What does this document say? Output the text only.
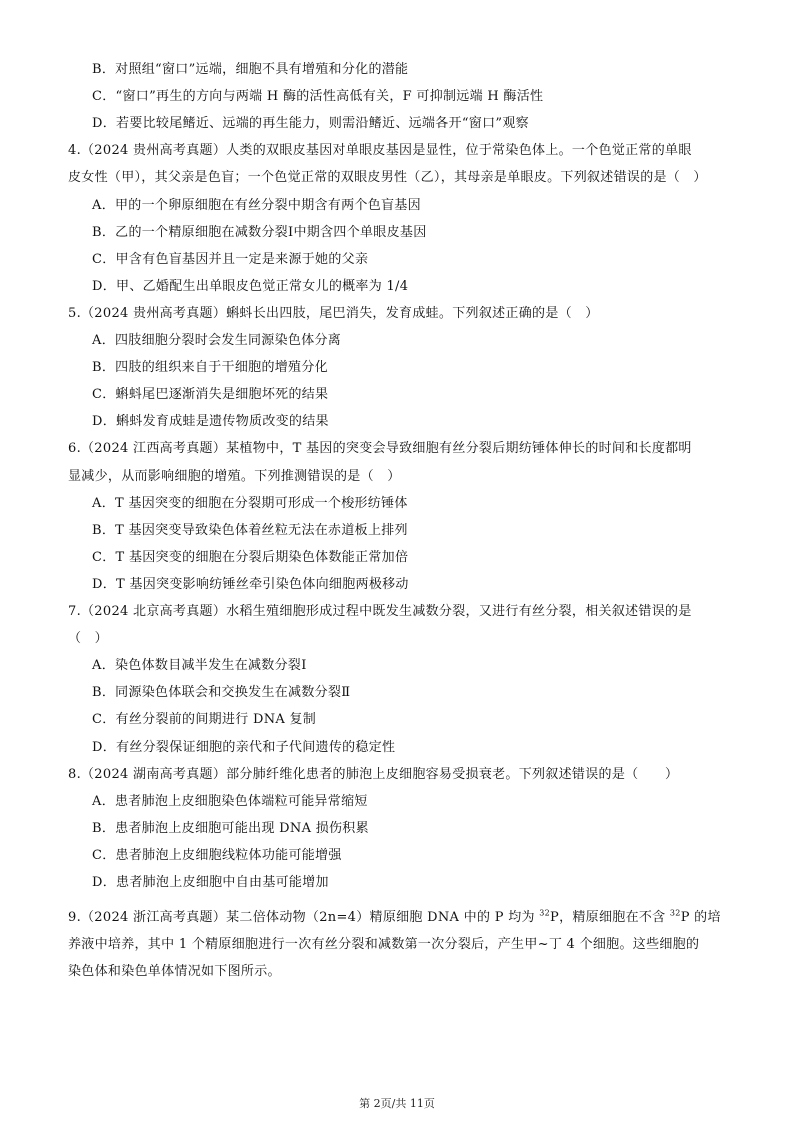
B．对照组“窗口”远端，细胞不具有增殖和分化的潜能
C．“窗口”再生的方向与两端 H 酶的活性高低有关，F 可抑制远端 H 酶活性
D．若要比较尾鳍近、远端的再生能力，则需沿鳍近、远端各开“窗口”观察
4.（2024 贵州高考真题）人类的双眼皮基因对单眼皮基因是显性，位于常染色体上。一个色觉正常的单眼
皮女性（甲），其父亲是色盲；一个色觉正常的双眼皮男性（乙），其母亲是单眼皮。下列叙述错误的是（　）
A．甲的一个卵原细胞在有丝分裂中期含有两个色盲基因
B．乙的一个精原细胞在减数分裂Ⅰ中期含四个单眼皮基因
C．甲含有色盲基因并且一定是来源于她的父亲
D．甲、乙婚配生出单眼皮色觉正常女儿的概率为 1/4
5.（2024 贵州高考真题）蝌蚪长出四肢，尾巴消失，发育成蛙。下列叙述正确的是（　）
A．四肢细胞分裂时会发生同源染色体分离
B．四肢的组织来自于干细胞的增殖分化
C．蝌蚪尾巴逐渐消失是细胞坏死的结果
D．蝌蚪发育成蛙是遗传物质改变的结果
6.（2024 江西高考真题）某植物中，T 基因的突变会导致细胞有丝分裂后期纺锤体伸长的时间和长度都明
显减少，从而影响细胞的增殖。下列推测错误的是（　）
A．T 基因突变的细胞在分裂期可形成一个梭形纺锤体
B．T 基因突变导致染色体着丝粒无法在赤道板上排列
C．T 基因突变的细胞在分裂后期染色体数能正常加倍
D．T 基因突变影响纺锤丝牵引染色体向细胞两极移动
7.（2024 北京高考真题）水稻生殖细胞形成过程中既发生减数分裂，又进行有丝分裂，相关叙述错误的是
（　）
A．染色体数目减半发生在减数分裂Ⅰ
B．同源染色体联会和交换发生在减数分裂Ⅱ
C．有丝分裂前的间期进行 DNA 复制
D．有丝分裂保证细胞的亲代和子代间遗传的稳定性
8.（2024 湖南高考真题）部分肺纤维化患者的肺泡上皮细胞容易受损衰老。下列叙述错误的是（　　）
A．患者肺泡上皮细胞染色体端粒可能异常缩短
B．患者肺泡上皮细胞可能出现 DNA 损伤积累
C．患者肺泡上皮细胞线粒体功能可能增强
D．患者肺泡上皮细胞中自由基可能增加
9.（2024 浙江高考真题）某二倍体动物（2n=4）精原细胞 DNA 中的 P 均为 $^{32}$P，精原细胞在不含 $^{32}$P 的培
养液中培养，其中 1 个精原细胞进行一次有丝分裂和减数第一次分裂后，产生甲~丁 4 个细胞。这些细胞的
染色体和染色单体情况如下图所示。
第 2页/共 11页
